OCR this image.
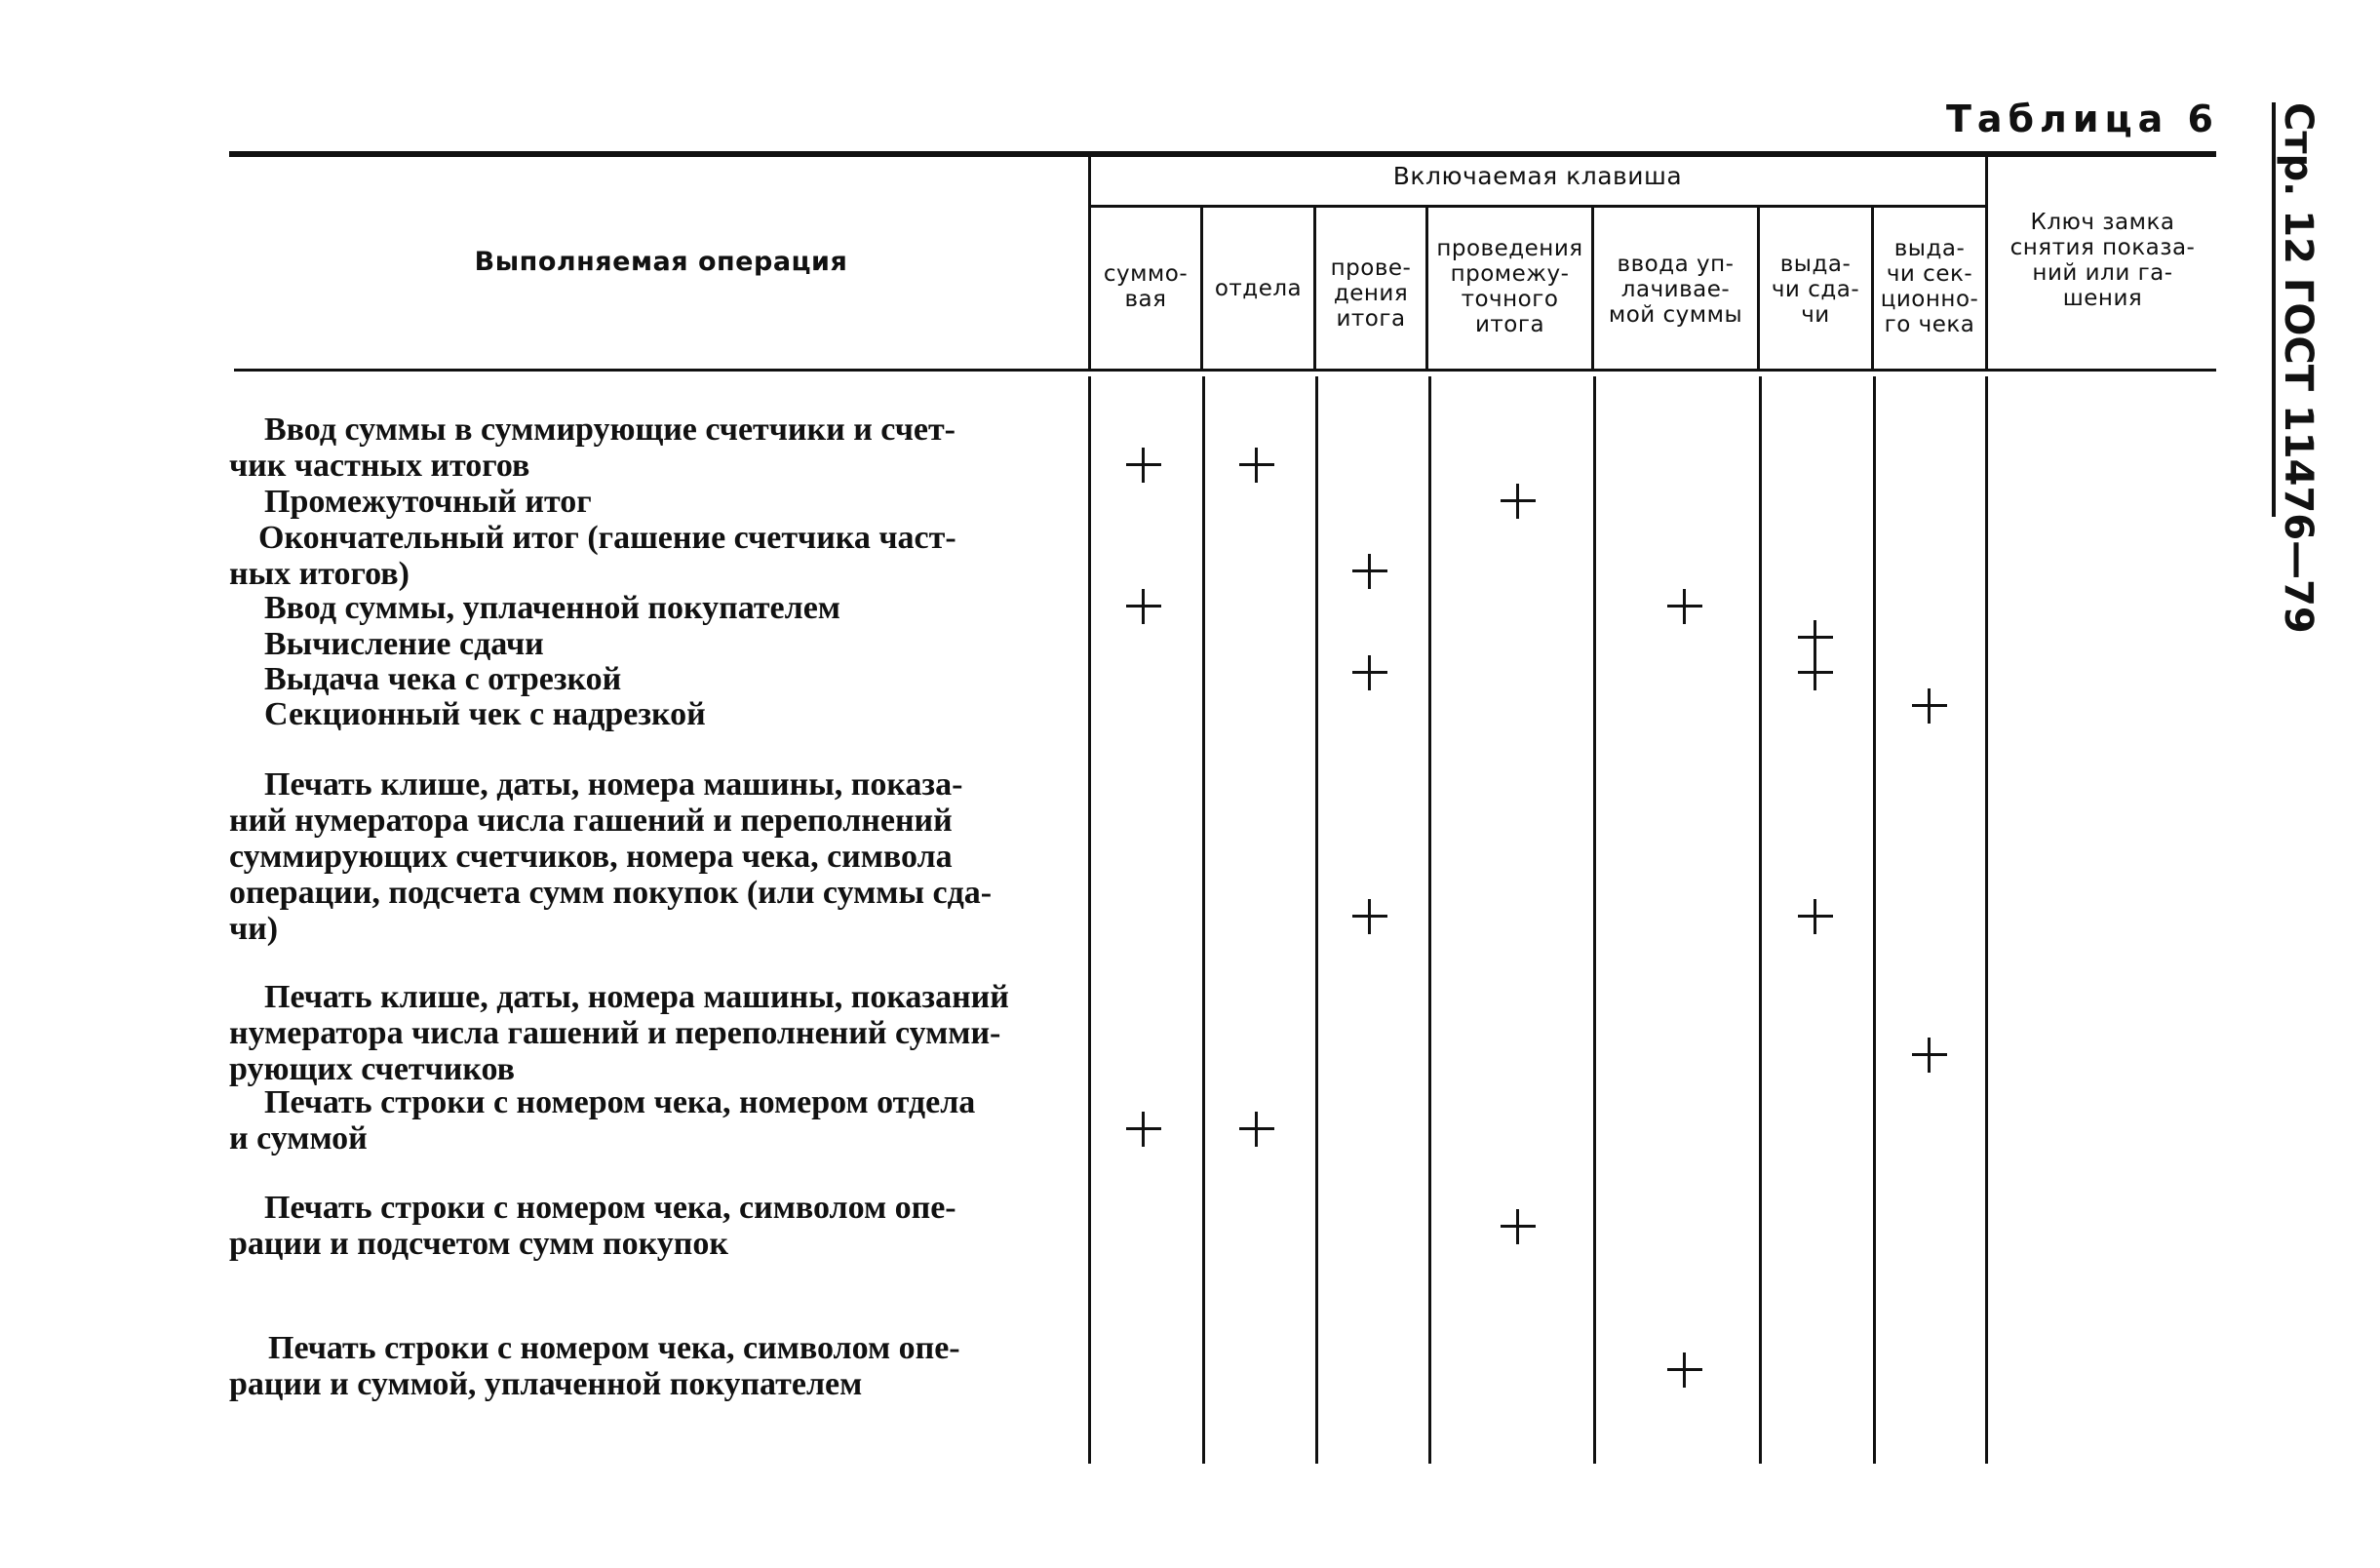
Стр. 12 ГОСТ 11476—79
Таблица 6
Выполняемая операция
Включаемая клавиша
суммо-
вая	отдела
прове-
дения
итога
проведения
промежу-
точного
итога
ввода уп-
лачивае-
мой суммы
выда-
чи сда-
чи
выда-
чи сек-
ционно-
го чека
Ключ замка
снятия показа-
ний или га-
шения
Ввод суммы в суммирующие счетчики и счет-
чик частных итогов
Промежуточный итог
Окончательный итог (гашение счетчика част-
ных итогов)
Ввод суммы, уплаченной покупателем
Вычисление сдачи
Выдача чека с отрезкой
Секционный чек с надрезкой
Печать клише, даты, номера машины, показа-
ний нумератора числа гашений и переполнений
суммирующих счетчиков, номера чека, символа
операции, подсчета сумм покупок (или суммы сда-
чи)
Печать клише, даты, номера машины, показаний
нумератора числа гашений и переполнений сумми-
рующих счетчиков
Печать строки с номером чека, номером отдела
и суммой
Печать строки с номером чека, символом опе-
рации и подсчетом сумм покупок
Печать строки с номером чека, символом опе-
рации и суммой, уплаченной покупателем
